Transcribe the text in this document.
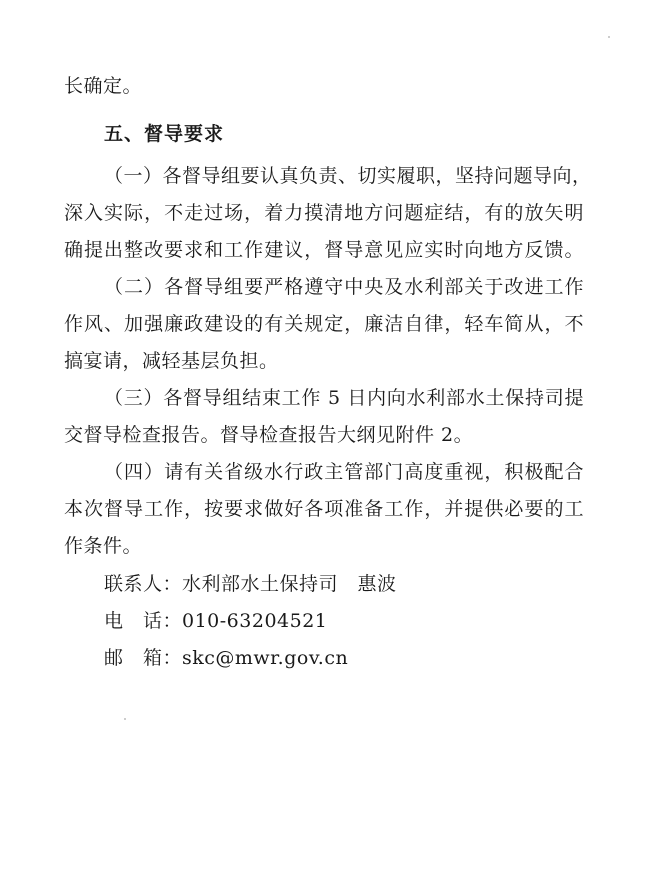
长确定。
五、督导要求
（一）各督导组要认真负责、切实履职，坚持问题导向，
深入实际，不走过场，着力摸清地方问题症结，有的放矢明
确提出整改要求和工作建议，督导意见应实时向地方反馈。
（二）各督导组要严格遵守中央及水利部关于改进工作
作风、加强廉政建设的有关规定，廉洁自律，轻车简从，不
搞宴请，减轻基层负担。
（三）各督导组结束工作 5 日内向水利部水土保持司提
交督导检查报告。督导检查报告大纲见附件 2。
（四）请有关省级水行政主管部门高度重视，积极配合
本次督导工作，按要求做好各项准备工作，并提供必要的工
作条件。
联系人：水利部水土保持司　惠波
电　话：010-63204521
邮　箱：skc@mwr.gov.cn
